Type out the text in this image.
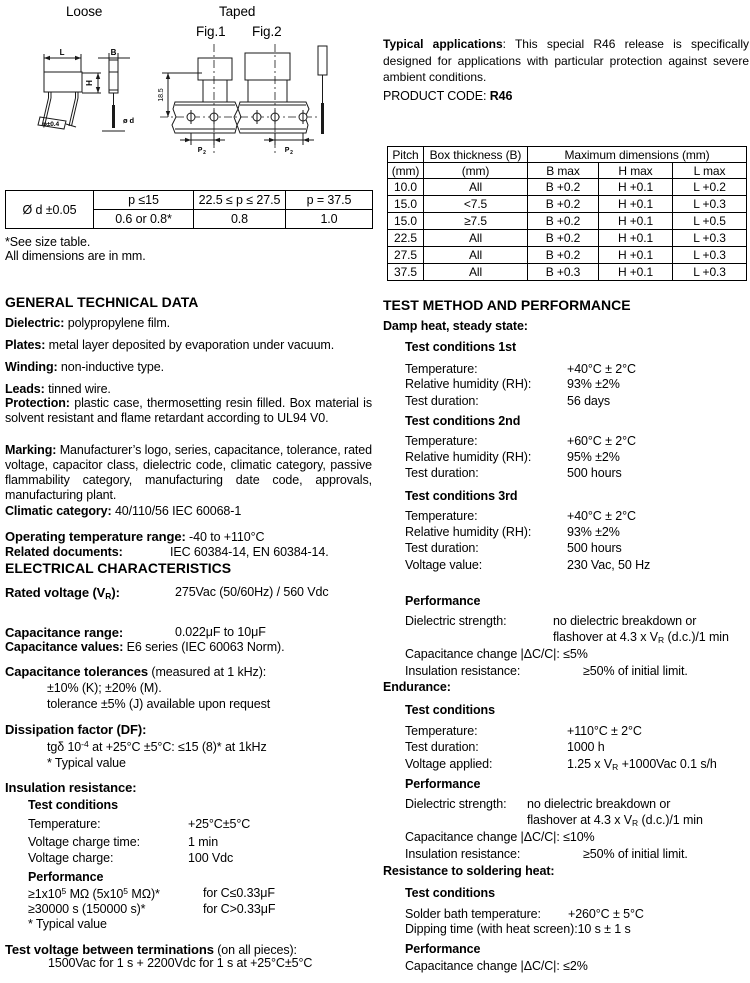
Loose	Taped
Fig.1 Fig.2
L
H
B
p±0.4	ø d
18.5
P 2	P 2
Ø d ±0.05	p ≤15	22.5 ≤ p ≤ 27.5	p = 37.5
	0.6 or 0.8*	0.8	1.0
*See size table.
All dimensions are in mm.
Typical applications: This special R46 release is specifically designed for applications with particular protection against severe ambient conditions.
PRODUCT CODE: R46
Pitch	Box thickness (B)	Maximum dimensions (mm)		
(mm)	(mm)	B max	H max	L max
10.0	All	B +0.2	H +0.1	L +0.2
15.0	<7.5	B +0.2	H +0.1	L +0.3
15.0	≥7.5	B +0.2	H +0.1	L +0.5
22.5	All	B +0.2	H +0.1	L +0.3
27.5	All	B +0.2	H +0.1	L +0.3
37.5	All	B +0.3	H +0.1	L +0.3
GENERAL TECHNICAL DATA
Dielectric: polypropylene film.
Plates: metal layer deposited by evaporation under vacuum.
Winding: non-inductive type.
Leads: tinned wire.
Protection: plastic case, thermosetting resin filled. Box material is solvent resistant and flame retardant according to UL94 V0.
Marking: Manufacturer’s logo, series, capacitance, tolerance, rated voltage, capacitor class, dielectric code, climatic category, passive flammability category, manufacturing date code, approvals, manufacturing plant.
Climatic category: 40/110/56 IEC 60068-1
Operating temperature range: -40 to +110°C
Related documents:	IEC 60384-14, EN 60384-14.
ELECTRICAL CHARACTERISTICS
Rated voltage $(V_R)$:	275Vac (50/60Hz) / 560 Vdc
Capacitance range:	0.022μF to 10μF
Capacitance values: E6 series (IEC 60063 Norm).
Capacitance tolerances (measured at 1 kHz):
±10% (K); ±20% (M).
tolerance ±5% (J) available upon request
Dissipation factor (DF):
tgδ $10^{-4}$ at +25°C ±5°C: ≤15 (8)* at 1kHz
* Typical value
Insulation resistance:
Test conditions
Temperature:	+25°C±5°C
Voltage charge time:	1 min
Voltage charge:	100 Vdc
Performance
$\ge 1x10^5$ MΩ ($5x10^5$ MΩ)*	for C≤0.33μF
≥30000 s (150000 s)*	for C>0.33μF
* Typical value
Test voltage between terminations (on all pieces):
1500Vac for 1 s + 2200Vdc for 1 s at +25°C±5°C
TEST METHOD AND PERFORMANCE
Damp heat, steady state:
Test conditions 1st
Temperature:	+40°C ± 2°C
Relative humidity (RH):	93% ±2%
Test duration:	56 days
Test conditions 2nd
Temperature:	+60°C ± 2°C
Relative humidity (RH):	95% ±2%
Test duration:	500 hours
Test conditions 3rd
Temperature:	+40°C ± 2°C
Relative humidity (RH):	93% ±2%
Test duration:	500 hours
Voltage value:	230 Vac, 50 Hz
Performance
Dielectric strength:	no dielectric breakdown or
flashover at 4.3 x $V_R$ (d.c.)/1 min
Capacitance change |ΔC/C|: ≤5%
Insulation resistance:	≥50% of initial limit.
Endurance:
Test conditions
Temperature:	+110°C ± 2°C
Test duration:	1000 h
Voltage applied:	1.25 x $V_R +1000Vac$ 0.1 s/h
Performance
Dielectric strength: no dielectric breakdown or
flashover at 4.3 x $V_R$ (d.c.)/1 min
Capacitance change |ΔC/C|: ≤10%
Insulation resistance:	≥50% of initial limit.
Resistance to soldering heat:
Test conditions
Solder bath temperature: +260°C ± 5°C
Dipping time (with heat screen):10 s ± 1 s
Performance
Capacitance change |ΔC/C|: ≤2%
